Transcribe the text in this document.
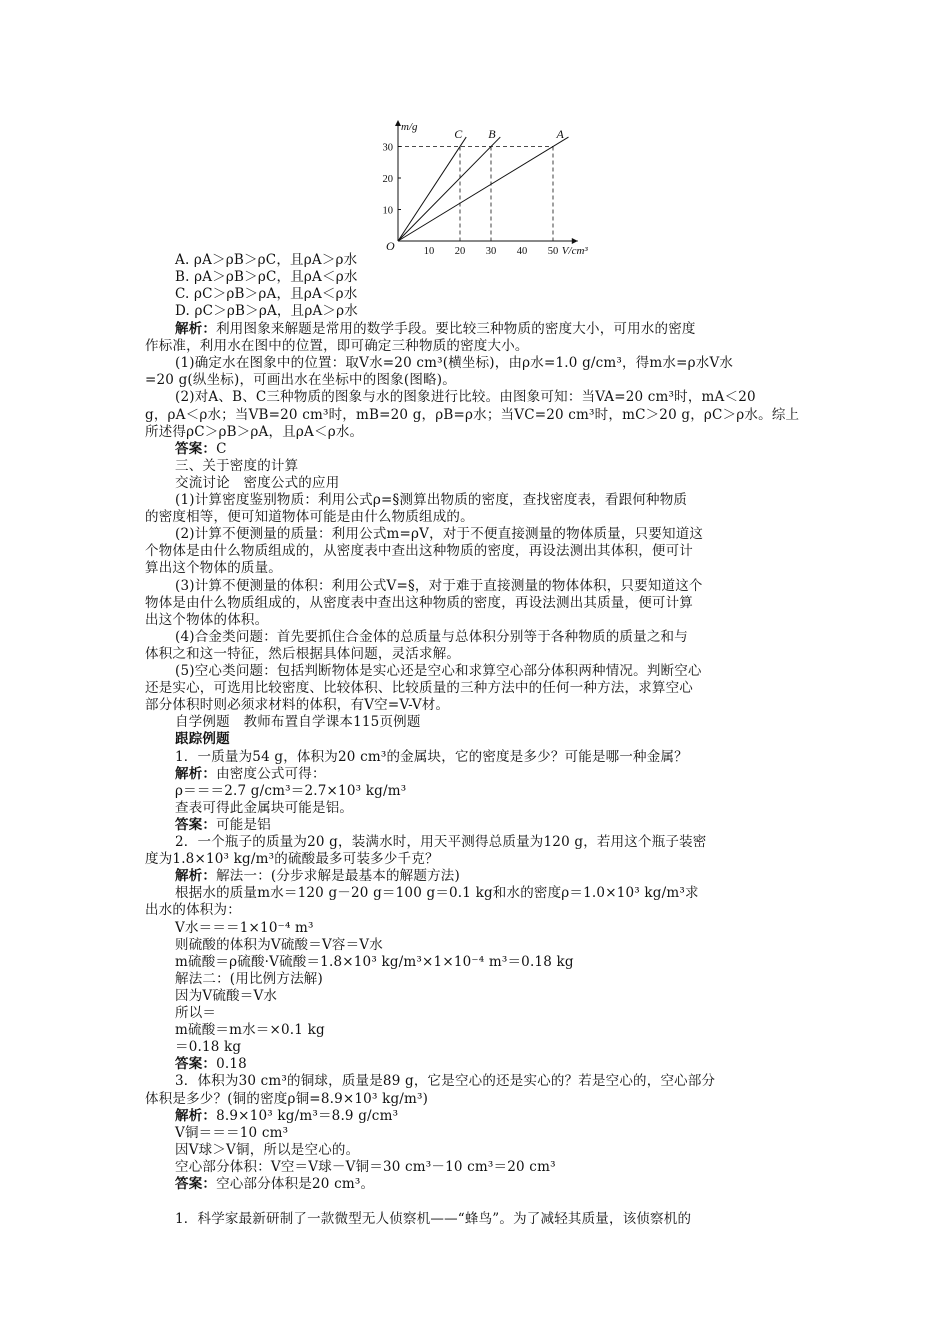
C B	A
10 20 30 40 50
10
20
30
O
m/g
V/cm³
A. ρA＞ρB＞ρC，且ρA＞ρ水
B. ρA＞ρB＞ρC，且ρA＜ρ水
C. ρC＞ρB＞ρA，且ρA＜ρ水
D. ρC＞ρB＞ρA，且ρA＞ρ水
解析：利用图象来解题是常用的数学手段。要比较三种物质的密度大小，可用水的密度
作标准，利用水在图中的位置，即可确定三种物质的密度大小。
(1)确定水在图象中的位置：取V水=20 cm³(横坐标)，由ρ水=1.0 g/cm³，得m水=ρ水V水
=20 g(纵坐标)，可画出水在坐标中的图象(图略)。
(2)对A、B、C三种物质的图象与水的图象进行比较。由图象可知：当VA=20 cm³时，mA＜20
g，ρA＜ρ水；当VB=20 cm³时，mB=20 g，ρB=ρ水；当VC=20 cm³时，mC＞20 g，ρC＞ρ水。综上
所述得ρC＞ρB＞ρA，且ρA＜ρ水。
答案：C
三、关于密度的计算
交流讨论　密度公式的应用
(1)计算密度鉴别物质：利用公式ρ=§测算出物质的密度，查找密度表，看跟何种物质
的密度相等，便可知道物体可能是由什么物质组成的。
(2)计算不便测量的质量：利用公式m=ρV，对于不便直接测量的物体质量，只要知道这
个物体是由什么物质组成的，从密度表中查出这种物质的密度，再设法测出其体积，便可计
算出这个物体的质量。
(3)计算不便测量的体积：利用公式V=§，对于难于直接测量的物体体积，只要知道这个
物体是由什么物质组成的，从密度表中查出这种物质的密度，再设法测出其质量，便可计算
出这个物体的体积。
(4)合金类问题：首先要抓住合金体的总质量与总体积分别等于各种物质的质量之和与
体积之和这一特征，然后根据具体问题，灵活求解。
(5)空心类问题：包括判断物体是实心还是空心和求算空心部分体积两种情况。判断空心
还是实心，可选用比较密度、比较体积、比较质量的三种方法中的任何一种方法，求算空心
部分体积时则必须求材料的体积，有V空=V-V材。
自学例题　教师布置自学课本115页例题
跟踪例题
1．一质量为54 g，体积为20 cm³的金属块，它的密度是多少？可能是哪一种金属？
解析：由密度公式可得：
ρ＝＝＝2.7 g/cm³＝2.7×10³ kg/m³
查表可得此金属块可能是铝。
答案：可能是铝
2．一个瓶子的质量为20 g，装满水时，用天平测得总质量为120 g，若用这个瓶子装密
度为1.8×10³ kg/m³的硫酸最多可装多少千克？
解析：解法一：(分步求解是最基本的解题方法)
根据水的质量m水＝120 g－20 g＝100 g＝0.1 kg和水的密度ρ＝1.0×10³ kg/m³求
出水的体积为：
V水＝＝＝1×10⁻⁴ m³
则硫酸的体积为V硫酸＝V容＝V水
m硫酸＝ρ硫酸·V硫酸＝1.8×10³ kg/m³×1×10⁻⁴ m³＝0.18 kg
解法二：(用比例方法解)
因为V硫酸＝V水
所以＝
m硫酸＝m水＝×0.1 kg
＝0.18 kg
答案：0.18
3．体积为30 cm³的铜球，质量是89 g，它是空心的还是实心的？若是空心的，空心部分
体积是多少？(铜的密度ρ铜=8.9×10³ kg/m³)
解析：8.9×10³ kg/m³＝8.9 g/cm³
V铜＝＝＝10 cm³
因V球＞V铜，所以是空心的。
空心部分体积：V空＝V球－V铜＝30 cm³－10 cm³＝20 cm³
答案：空心部分体积是20 cm³。
1．科学家最新研制了一款微型无人侦察机——“蜂鸟”。为了减轻其质量，该侦察机的
